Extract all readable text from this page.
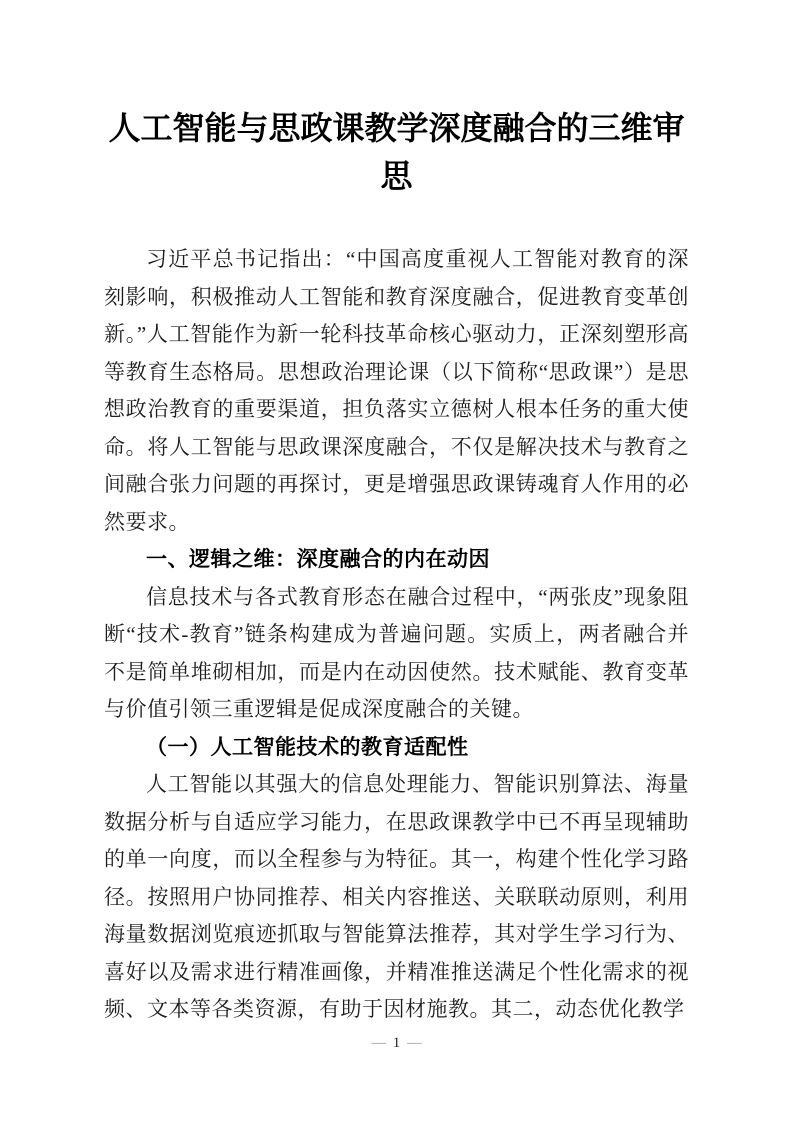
人工智能与思政课教学深度融合的三维审思

习近平总书记指出：“中国高度重视人工智能对教育的深刻影响，积极推动人工智能和教育深度融合，促进教育变革创新。”人工智能作为新一轮科技革命核心驱动力，正深刻塑形高等教育生态格局。思想政治理论课（以下简称“思政课”）是思想政治教育的重要渠道，担负落实立德树人根本任务的重大使命。将人工智能与思政课深度融合，不仅是解决技术与教育之间融合张力问题的再探讨，更是增强思政课铸魂育人作用的必然要求。

一、逻辑之维：深度融合的内在动因

信息技术与各式教育形态在融合过程中，“两张皮”现象阻断“技术-教育”链条构建成为普遍问题。实质上，两者融合并不是简单堆砌相加，而是内在动因使然。技术赋能、教育变革与价值引领三重逻辑是促成深度融合的关键。

（一）人工智能技术的教育适配性

人工智能以其强大的信息处理能力、智能识别算法、海量数据分析与自适应学习能力，在思政课教学中已不再呈现辅助的单一向度，而以全程参与为特征。其一，构建个性化学习路径。按照用户协同推荐、相关内容推送、关联联动原则，利用海量数据浏览痕迹抓取与智能算法推荐，其对学生学习行为、喜好以及需求进行精准画像，并精准推送满足个性化需求的视频、文本等各类资源，有助于因材施教。其二，动态优化教学

— 1 —
